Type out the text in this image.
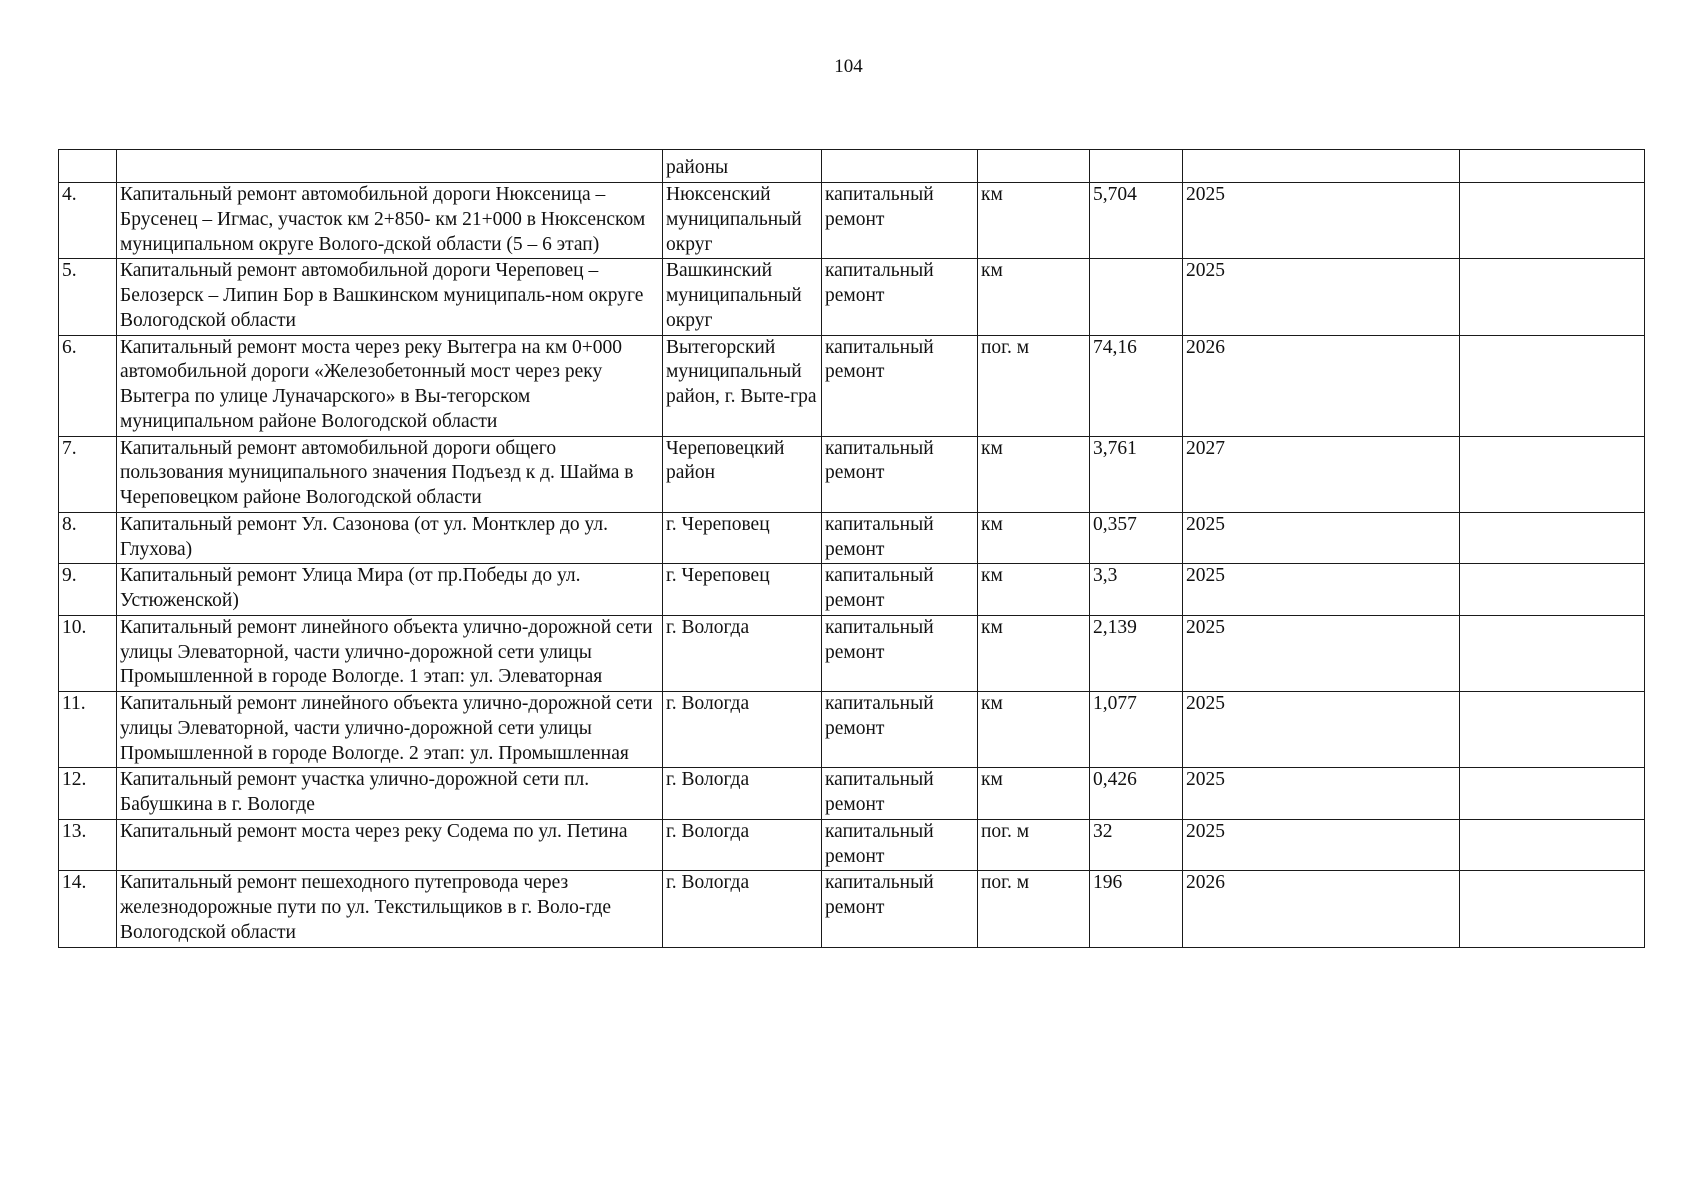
104
		районы					
4.	Капитальный ремонт автомобильной дороги Нюксеница – Брусенец – Игмас, участок км 2+850- км 21+000 в Нюксенском муниципальном округе Волого-дской области (5 – 6 этап)	Нюксенский муниципальный округ	капитальный ремонт	км	5,704	2025	
5.	Капитальный ремонт автомобильной дороги Череповец – Белозерск – Липин Бор в Вашкинском муниципаль-ном округе Вологодской области	Вашкинский муниципальный округ	капитальный ремонт	км		2025	
6.	Капитальный ремонт моста через реку Вытегра на км 0+000 автомобильной дороги «Железобетонный мост через реку Вытегра по улице Луначарского» в Вы-тегорском муниципальном районе Вологодской области	Вытегорский муниципальный район, г. Выте-гра	капитальный ремонт	пог. м	74,16	2026	
7.	Капитальный ремонт автомобильной дороги общего пользования муниципального значения Подъезд к д. Шайма в Череповецком районе Вологодской области	Череповецкий район	капитальный ремонт	км	3,761	2027	
8.	Капитальный ремонт Ул. Сазонова (от ул. Монтклер до ул. Глухова)	г. Череповец	капитальный ремонт	км	0,357	2025	
9.	Капитальный ремонт Улица Мира (от пр.Победы до ул. Устюженской)	г. Череповец	капитальный ремонт	км	3,3	2025	
10.	Капитальный ремонт линейного объекта улично-дорожной сети улицы Элеваторной, части улично-дорожной сети улицы Промышленной в городе Вологде. 1 этап: ул. Элеваторная	г. Вологда	капитальный ремонт	км	2,139	2025	
11.	Капитальный ремонт линейного объекта улично-дорожной сети улицы Элеваторной, части улично-дорожной сети улицы Промышленной в городе Вологде. 2 этап: ул. Промышленная	г. Вологда	капитальный ремонт	км	1,077	2025	
12.	Капитальный ремонт участка улично-дорожной сети пл. Бабушкина в г. Вологде	г. Вологда	капитальный ремонт	км	0,426	2025	
13.	Капитальный ремонт моста через реку Содема по ул. Петина	г. Вологда	капитальный ремонт	пог. м	32	2025	
14.	Капитальный ремонт пешеходного путепровода через железнодорожные пути по ул. Текстильщиков в г. Воло-где Вологодской области	г. Вологда	капитальный ремонт	пог. м	196	2026	
